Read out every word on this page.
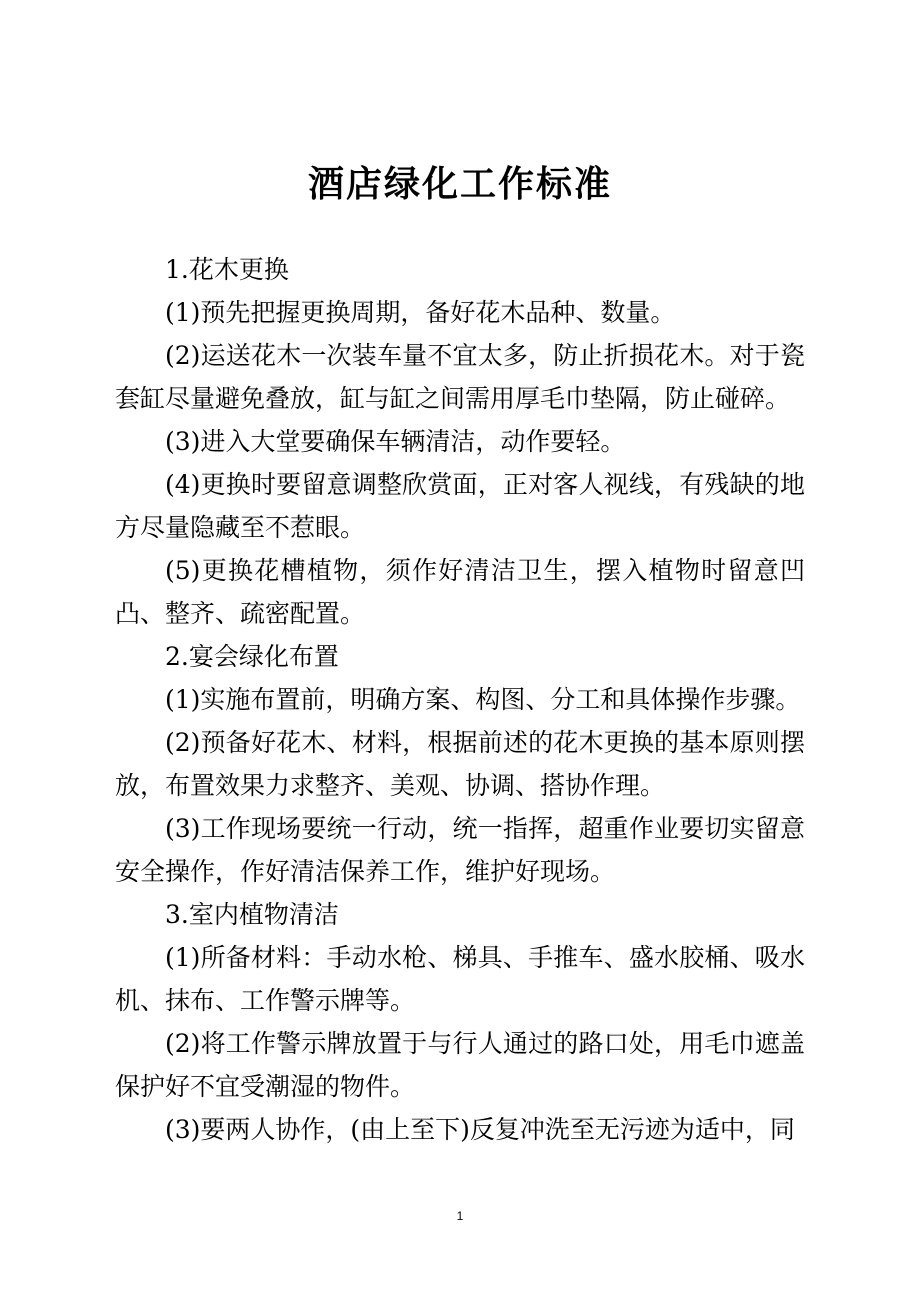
酒店绿化工作标准

1.花木更换

(1)预先把握更换周期，备好花木品种、数量。

(2)运送花木一次装车量不宜太多，防止折损花木。对于瓷套缸尽量避免叠放，缸与缸之间需用厚毛巾垫隔，防止碰碎。

(3)进入大堂要确保车辆清洁，动作要轻。

(4)更换时要留意调整欣赏面，正对客人视线，有残缺的地方尽量隐藏至不惹眼。

(5)更换花槽植物，须作好清洁卫生，摆入植物时留意凹凸、整齐、疏密配置。

2.宴会绿化布置

(1)实施布置前，明确方案、构图、分工和具体操作步骤。

(2)预备好花木、材料，根据前述的花木更换的基本原则摆放，布置效果力求整齐、美观、协调、搭协作理。

(3)工作现场要统一行动，统一指挥，超重作业要切实留意安全操作，作好清洁保养工作，维护好现场。

3.室内植物清洁

(1)所备材料：手动水枪、梯具、手推车、盛水胶桶、吸水机、抹布、工作警示牌等。

(2)将工作警示牌放置于与行人通过的路口处，用毛巾遮盖保护好不宜受潮湿的物件。

(3)要两人协作，(由上至下)反复冲洗至无污迹为适中，同

1
